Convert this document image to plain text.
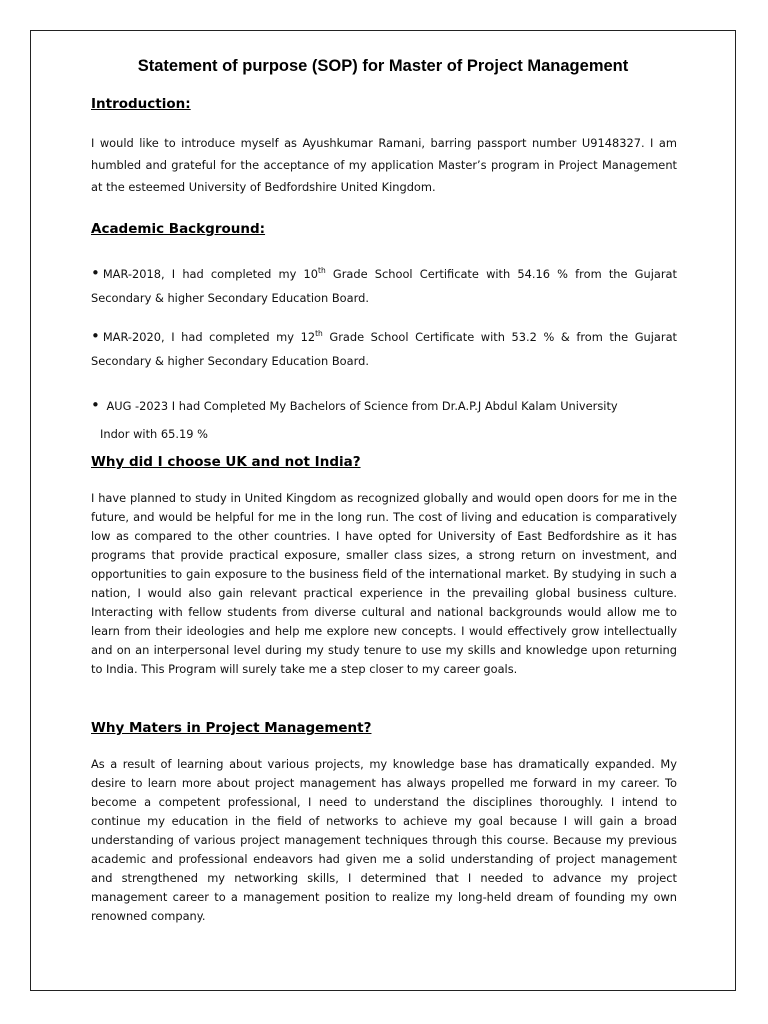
Statement of purpose (SOP) for Master of Project Management
Introduction:

I would like to introduce myself as Ayushkumar Ramani, barring passport number U9148327. I am humbled and grateful for the acceptance of my application Master’s program in Project Management at the esteemed University of Bedfordshire United Kingdom.

Academic Background:

• MAR-2018, I had completed my 10th Grade School Certificate with 54.16 % from the Gujarat Secondary & higher Secondary Education Board.

• MAR-2020, I had completed my 12th Grade School Certificate with 53.2 % & from the Gujarat Secondary & higher Secondary Education Board.

• AUG -2023 I had Completed My Bachelors of Science from Dr.A.P.J Abdul Kalam University
Indor with 65.19 %

Why did I choose UK and not India?

I have planned to study in United Kingdom as recognized globally and would open doors for me in the future, and would be helpful for me in the long run. The cost of living and education is comparatively low as compared to the other countries. I have opted for University of East Bedfordshire as it has programs that provide practical exposure, smaller class sizes, a strong return on investment, and opportunities to gain exposure to the business field of the international market. By studying in such a nation, I would also gain relevant practical experience in the prevailing global business culture. Interacting with fellow students from diverse cultural and national backgrounds would allow me to learn from their ideologies and help me explore new concepts. I would effectively grow intellectually and on an interpersonal level during my study tenure to use my skills and knowledge upon returning to India. This Program will surely take me a step closer to my career goals.

Why Maters in Project Management?

As a result of learning about various projects, my knowledge base has dramatically expanded. My desire to learn more about project management has always propelled me forward in my career. To become a competent professional, I need to understand the disciplines thoroughly. I intend to continue my education in the field of networks to achieve my goal because I will gain a broad understanding of various project management techniques through this course. Because my previous academic and professional endeavors had given me a solid understanding of project management and strengthened my networking skills, I determined that I needed to advance my project management career to a management position to realize my long-held dream of founding my own renowned company.
